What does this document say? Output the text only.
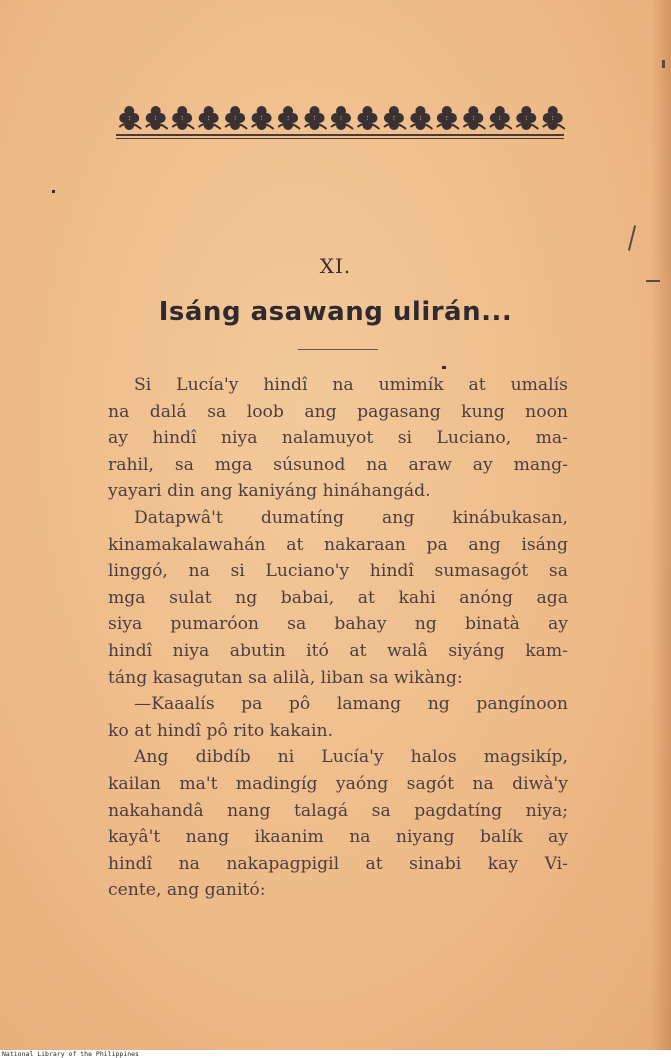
XI.
Isáng asawang ulirán...
Si Lucía'y hindî na umimík at umalís
na dalá sa loob ang pagasang kung noon
ay hindî niya nalamuyot si Luciano, ma-
rahil, sa mga súsunod na araw ay mang-
yayari din ang kaniyáng hináhangád.
Datapwâ't dumatíng ang kinábukasan,
kinamakalawahán at nakaraan pa ang isáng
linggó, na si Luciano'y hindî sumasagót sa
mga sulat ng babai, at kahi anóng aga
siya pumaróon sa bahay ng binatà ay
hindî niya abutin itó at walâ siyáng kam-
táng kasagutan sa alilà, liban sa wikàng:
—Kaaalís pa pô lamang ng pangínoon
ko at hindî pô rito kakain.
Ang dibdíb ni Lucía'y halos magsikíp,
kailan ma't madingíg yaóng sagót na diwà'y
nakahandâ nang talagá sa pagdatíng niya;
kayâ't nang ikaanim na niyang balík ay
hindî na nakapagpigil at sinabi kay Vi-
cente, ang ganitó:
National Library of the Philippines
